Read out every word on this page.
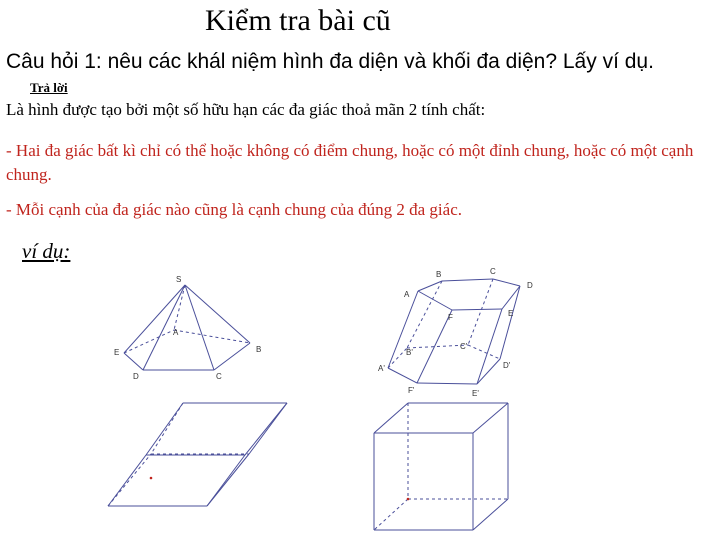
Kiểm tra bài cũ
Câu hỏi 1: nêu các khál niệm hình đa diện và khối đa diện? Lấy ví dụ.
Trả lời
Là hình được tạo bởi một số hữu hạn các đa giác thoả mãn 2 tính chất:
- Hai đa giác bất kì chỉ có thể hoặc không có điểm chung, hoặc có một đỉnh chung, hoặc có một cạnh chung.
- Mỗi cạnh của đa giác nào cũng là cạnh chung của đúng 2 đa giác.
ví dụ:
S
A
E	B
D	C
B	C
A
D
F	E
C'
B'
A'	D'
F'	E'
